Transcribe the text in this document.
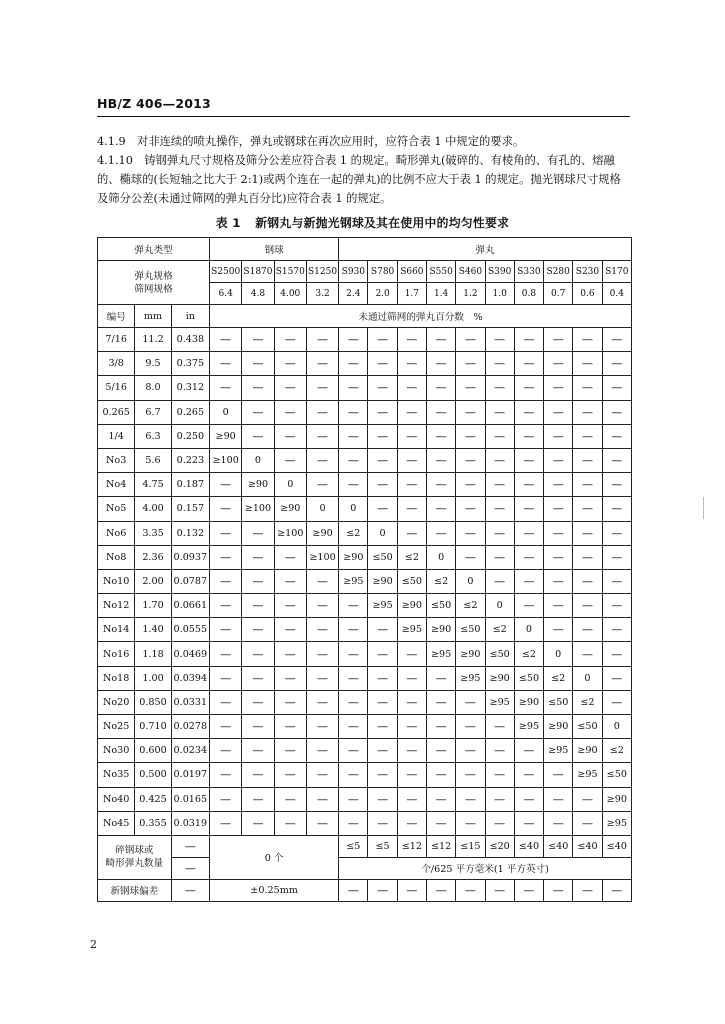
HB/Z 406—2013
4.1.9　对非连续的喷丸操作，弹丸或钢球在再次应用时，应符合表 1 中规定的要求。
4.1.10　铸钢弹丸尺寸规格及筛分公差应符合表 1 的规定。畸形弹丸(破碎的、有棱角的、有孔的、熔融的、椭球的(长短轴之比大于 2:1)或两个连在一起的弹丸)的比例不应大于表 1 的规定。抛光钢球尺寸规格及筛分公差(未通过筛网的弹丸百分比)应符合表 1 的规定。
表 1 新钢丸与新抛光钢球及其在使用中的均匀性要求
弹丸类型			钢球				弹丸									

弹丸规格
筛网规格			S2500	S1870	S1570	S1250	S930	S780	S660	S550	S460	S390	S330	S280	S230	S170
			6.4	4.8	4.00	3.2	2.4	2.0	1.7	1.4	1.2	1.0	0.8	0.7	0.6	0.4
编号	mm	in	未通过筛网的弹丸百分数　%													
7/16	11.2	0.438	—	—	—	—	—	—	—	—	—	—	—	—	—	—
3/8	9.5	0.375	—	—	—	—	—	—	—	—	—	—	—	—	—	—
5/16	8.0	0.312	—	—	—	—	—	—	—	—	—	—	—	—	—	—
0.265	6.7	0.265	0	—	—	—	—	—	—	—	—	—	—	—	—	—
1/4	6.3	0.250	≥90	—	—	—	—	—	—	—	—	—	—	—	—	—
No3	5.6	0.223	≥100	0	—	—	—	—	—	—	—	—	—	—	—	—
No4	4.75	0.187	—	≥90	0	—	—	—	—	—	—	—	—	—	—	—
No5	4.00	0.157	—	≥100	≥90	0	0	—	—	—	—	—	—	—	—	—
No6	3.35	0.132	—	—	≥100	≥90	≤2	0	—	—	—	—	—	—	—	—
No8	2.36	0.0937	—	—	—	≥100	≥90	≤50	≤2	0	—	—	—	—	—	—
No10	2.00	0.0787	—	—	—	—	≥95	≥90	≤50	≤2	0	—	—	—	—	—
No12	1.70	0.0661	—	—	—	—	—	≥95	≥90	≤50	≤2	0	—	—	—	—
No14	1.40	0.0555	—	—	—	—	—	—	≥95	≥90	≤50	≤2	0	—	—	—
No16	1.18	0.0469	—	—	—	—	—	—	—	≥95	≥90	≤50	≤2	0	—	—
No18	1.00	0.0394	—	—	—	—	—	—	—	—	≥95	≥90	≤50	≤2	0	—
No20	0.850	0.0331	—	—	—	—	—	—	—	—	—	≥95	≥90	≤50	≤2	—
No25	0.710	0.0278	—	—	—	—	—	—	—	—	—	—	≥95	≥90	≤50	0
No30	0.600	0.0234	—	—	—	—	—	—	—	—	—	—	—	≥95	≥90	≤2
No35	0.500	0.0197	—	—	—	—	—	—	—	—	—	—	—	—	≥95	≤50
No40	0.425	0.0165	—	—	—	—	—	—	—	—	—	—	—	—	—	≥90
No45	0.355	0.0319	—	—	—	—	—	—	—	—	—	—	—	—	—	≥95

碎钢球或
畸形弹丸数量		—	0 个				≤5	≤5	≤12	≤12	≤15	≤20	≤40	≤40	≤40	≤40
		—					个/625 平方毫米(1 平方英寸)									
新钢球偏差		—	±0.25mm				—	—	—	—	—	—	—	—	—	—
2
